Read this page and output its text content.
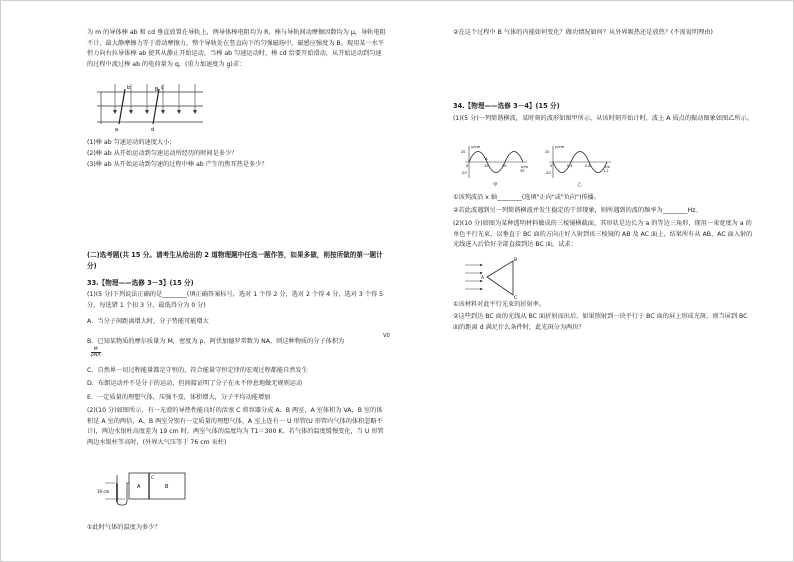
为 m 的导体棒 ab 和 cd 垂直放置在导轨上，两导体棒电阻均为 R，棒与导轨间动摩擦因数均为 μ，导轨电阻不计，最大静摩擦力等于滑动摩擦力，整个导轨处在竖直向下的匀强磁场中，磁感应强度为 B。现用某一水平恒力向右拉导体棒 ab 使其从静止开始运动，当棒 ab 匀速运动时，棒 cd 恰要开始滑动，从开始运动到匀速的过程中流过棒 ab 的电荷量为 q，(重力加速度为 g)求：

b	B
a	d
c

(1)棒 ab 匀速运动的速度大小；

(2)棒 ab 从开始运动到匀速运动所经历的时间是多少？

(3)棒 ab 从开始运动到匀速的过程中棒 ab 产生的焦耳热是多少？

(二)选考题(共 15 分。请考生从给出的 2 道物理题中任选一题作答，如果多做，则按所做的第一题计分)

33.【物理——选修 3－3】(15 分)

(1)(5 分)下列说法正确的是________(填正确答案标号，选对 1 个得 2 分，选对 2 个得 4 分，选对 3 个得 5 分，每选错 1 个扣 3 分，最低得分为 0 分)

A．当分子间距离增大时，分子势能可能增大

B．已知某物质的摩尔质量为 M，密度为 ρ，阿伏加德罗常数为 NA，则这种物质的分子体积为

V0
M
ρNA

C．自然界一切过程能量都是守恒的，符合能量守恒定律的宏观过程都能自然发生

D．布朗运动并不是分子的运动，但间接证明了分子在永不停息地做无规则运动

E．一定质量的理想气体，压强不变，体积增大，分子平均动能增加

(2)(10 分)如图所示，有一光滑的导热性能良好的活塞 C 将容器分成 A、B 两室，A 室体积为 VA，B 室的体积是 A 室的两倍，A、B 两室分别有一定质量的理想气体。A 室上连有一 U 形管(U 形管内气体的体积忽略不计)，两边水银柱高度差为 19 cm 时，两室气体的温度均为 T1＝300 K。若气体的温度缓慢变化，当 U 形管两边水银柱等高时，(外界大气压等于 76 cm 汞柱)

19 cm
A
C
B

①此时气体的温度为多少？

②在这个过程中 B 气体的内能如何变化？做功情况如何？从外界吸热还是放热？(不需说明理由)

34.【物理——选修 3－4】(15 分)

(1)(5 分)一列简谐横波，某时刻的波形如图甲所示，从该时刻开始计时，波上 A 质点的振动图象如图乙所示。

y/cm
x/m
20
-20
A
0	10	20
30
甲
y/cm
t/s
20
-20
0	0.4	0.8
1.2
乙

①该列波沿 x 轴________(选填"正向"或"负向")传播。

②若此波遇到另一列简谐横波并发生稳定的干涉现象，则所遇到的波的频率为________Hz。

(2)(10 分)如图为某种透明材料做成的三棱镜横截面，其形状是边长为 a 的等边三角形，现用一束宽度为 a 的单色平行光束，以垂直于 BC 面的方向正好入射到该三棱镜的 AB 及 AC 面上，结果所有从 AB、AC 面入射的光线进入后恰好全部直接到达 BC 面。试求：

A
B
C

①该材料对此平行光束的折射率。

②这些到达 BC 面的光线从 BC 面折射而出后，如果照射到一块平行于 BC 面的屏上形成光斑，则当屏到 BC 面的距离 d 满足什么条件时，此光斑分为两块？
